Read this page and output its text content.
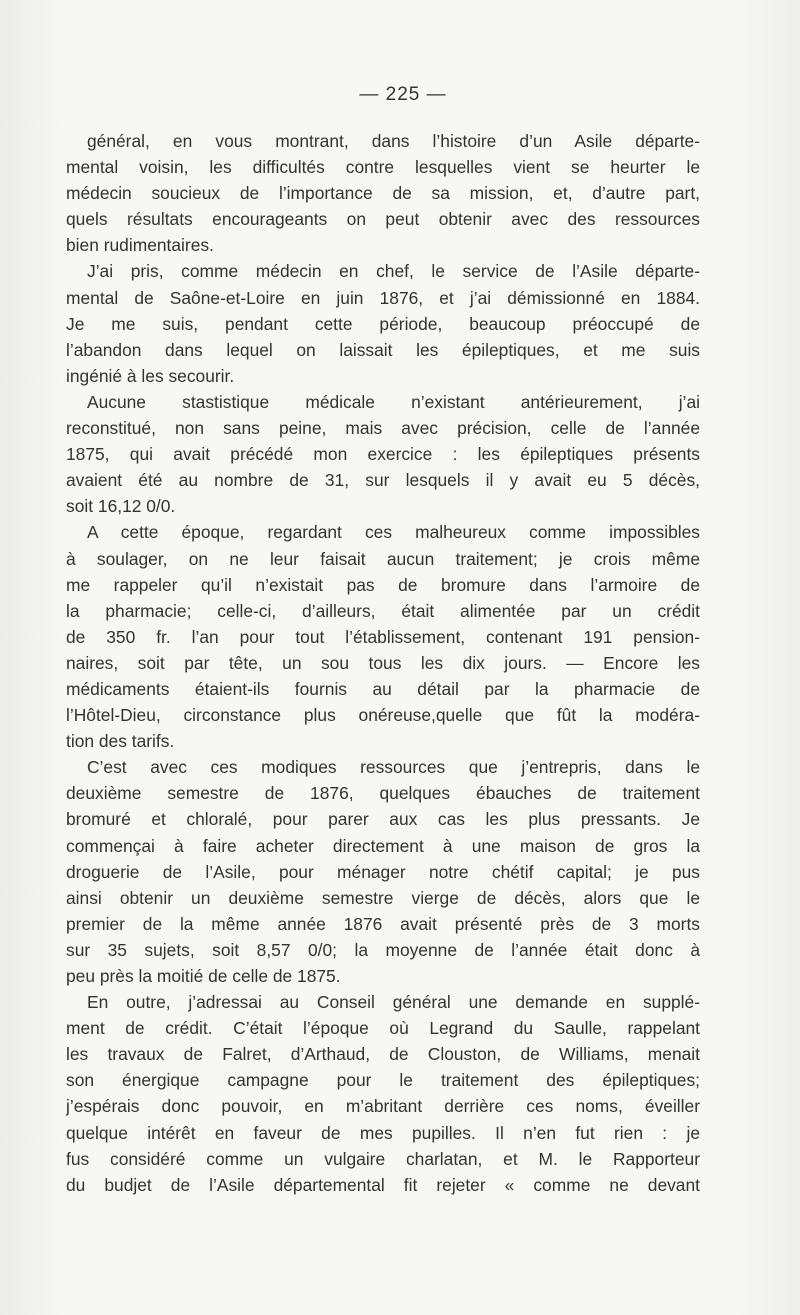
— 225 —
général, en vous montrant, dans l’histoire d’un Asile départe-
mental voisin, les difficultés contre lesquelles vient se heurter le
médecin soucieux de l’importance de sa mission, et, d’autre part,
quels résultats encourageants on peut obtenir avec des ressources
bien rudimentaires.
J’ai pris, comme médecin en chef, le service de l’Asile départe-
mental de Saône-et-Loire en juin 1876, et j’ai démissionné en 1884.
Je me suis, pendant cette période, beaucoup préoccupé de
l’abandon dans lequel on laissait les épileptiques, et me suis
ingénié à les secourir.
Aucune stastistique médicale n’existant antérieurement, j’ai
reconstitué, non sans peine, mais avec précision, celle de l’année
1875, qui avait précédé mon exercice : les épileptiques présents
avaient été au nombre de 31, sur lesquels il y avait eu 5 décès,
soit 16,12 0/0.
A cette époque, regardant ces malheureux comme impossibles
à soulager, on ne leur faisait aucun traitement; je crois même
me rappeler qu’il n’existait pas de bromure dans l’armoire de
la pharmacie; celle-ci, d’ailleurs, était alimentée par un crédit
de 350 fr. l’an pour tout l’établissement, contenant 191 pension-
naires, soit par tête, un sou tous les dix jours. — Encore les
médicaments étaient-ils fournis au détail par la pharmacie de
l’Hôtel-Dieu, circonstance plus onéreuse,quelle que fût la modéra-
tion des tarifs.
C’est avec ces modiques ressources que j’entrepris, dans le
deuxième semestre de 1876, quelques ébauches de traitement
bromuré et chloralé, pour parer aux cas les plus pressants. Je
commençai à faire acheter directement à une maison de gros la
droguerie de l’Asile, pour ménager notre chétif capital; je pus
ainsi obtenir un deuxième semestre vierge de décès, alors que le
premier de la même année 1876 avait présenté près de 3 morts
sur 35 sujets, soit 8,57 0/0; la moyenne de l’année était donc à
peu près la moitié de celle de 1875.
En outre, j’adressai au Conseil général une demande en supplé-
ment de crédit. C’était l’époque où Legrand du Saulle, rappelant
les travaux de Falret, d’Arthaud, de Clouston, de Williams, menait
son énergique campagne pour le traitement des épileptiques;
j’espérais donc pouvoir, en m’abritant derrière ces noms, éveiller
quelque intérêt en faveur de mes pupilles. Il n’en fut rien : je
fus considéré comme un vulgaire charlatan, et M. le Rapporteur
du budjet de l’Asile départemental fit rejeter « comme ne devant
